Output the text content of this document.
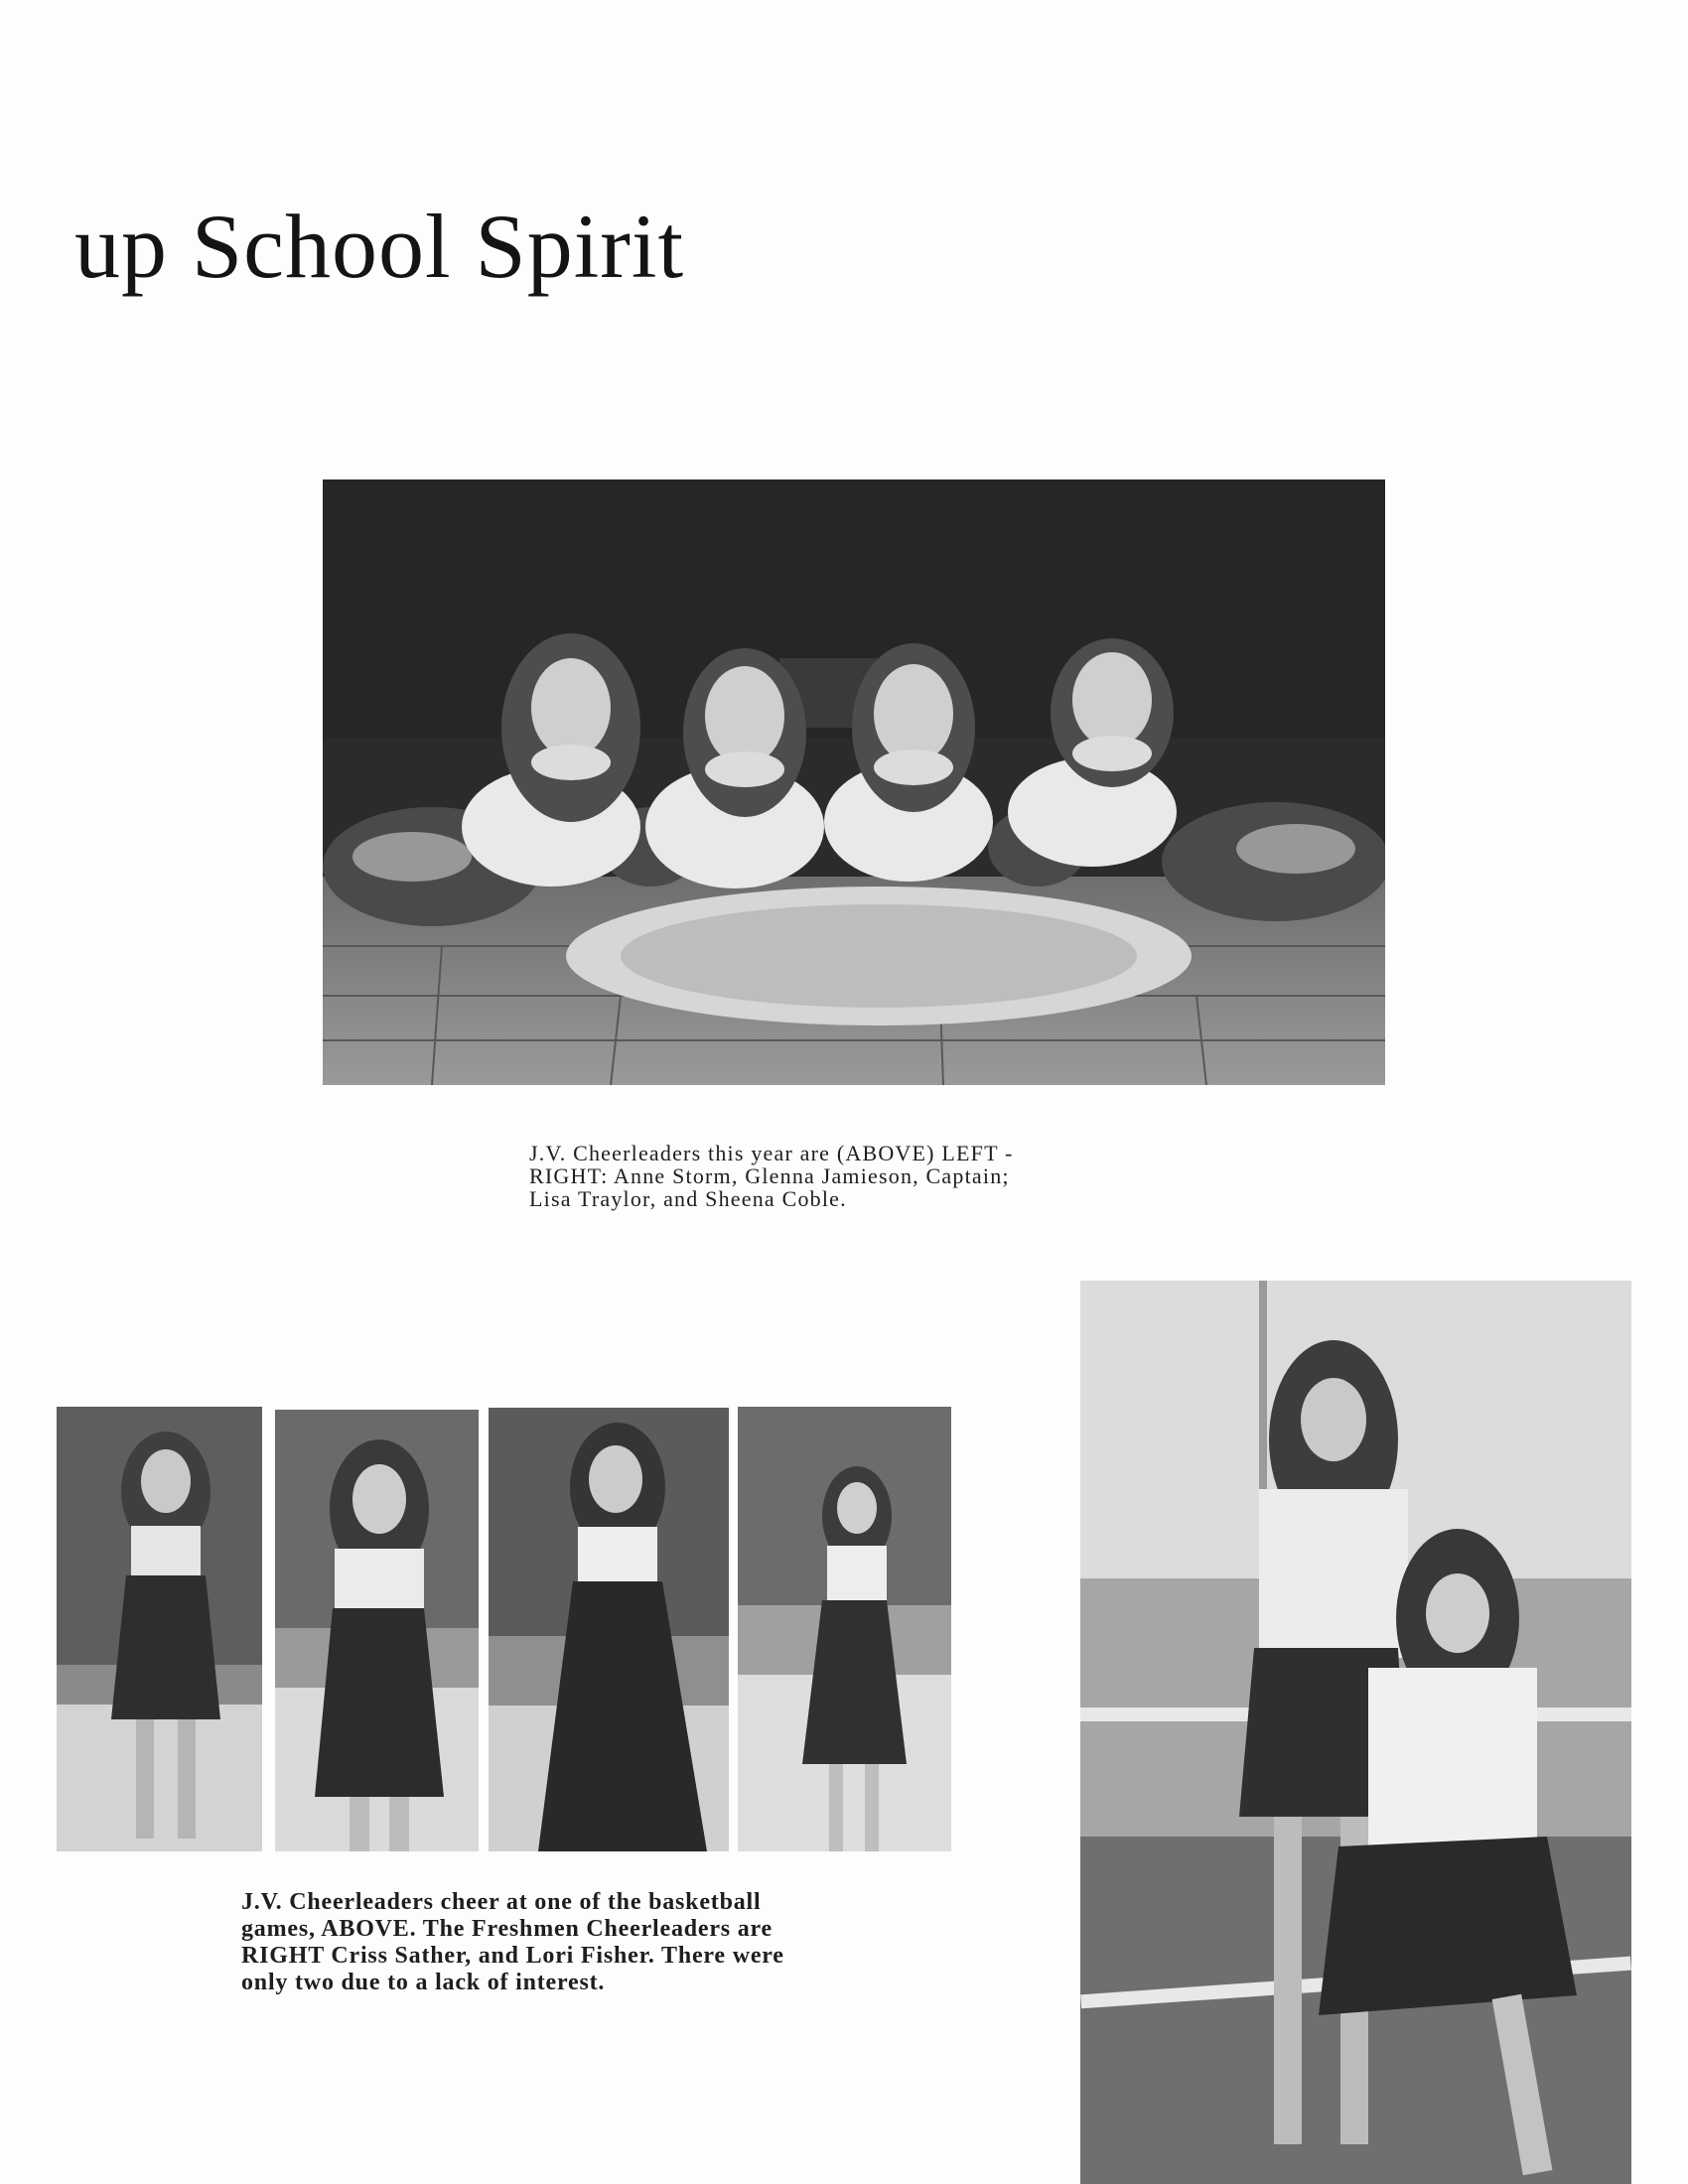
up School Spirit
J.V. Cheerleaders this year are (ABOVE) LEFT -
RIGHT: Anne Storm, Glenna Jamieson, Captain;
Lisa Traylor, and Sheena Coble.
J.V. Cheerleaders cheer at one of the basketball
games, ABOVE. The Freshmen Cheerleaders are
RIGHT Criss Sather, and Lori Fisher. There were
only two due to a lack of interest.
